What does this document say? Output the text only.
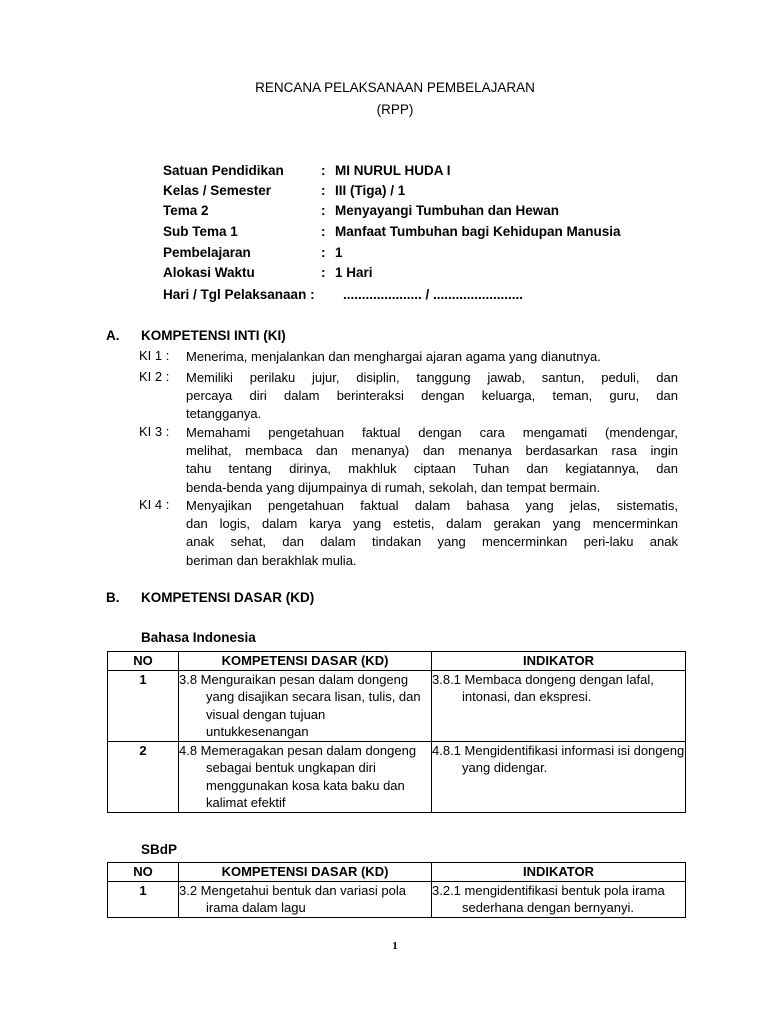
RENCANA PELAKSANAAN PEMBELAJARAN
(RPP)
Satuan Pendidikan	: MI NURUL HUDA I
Kelas / Semester	: III (Tiga) / 1
Tema 2	: Menyayangi Tumbuhan dan Hewan
Sub Tema 1	: Manfaat Tumbuhan bagi Kehidupan Manusia
Pembelajaran	: 1
Alokasi Waktu	: 1 Hari
Hari / Tgl Pelaksanaan : ..................... / ........................
A. KOMPETENSI INTI (KI)
KI 1 : Menerima, menjalankan dan menghargai ajaran agama yang dianutnya.

KI 2 : Memiliki perilaku jujur, disiplin, tanggung jawab, santun, peduli, dan

percaya diri dalam berinteraksi dengan keluarga, teman, guru, dan

tetangganya.

KI 3 : Memahami pengetahuan faktual dengan cara mengamati (mendengar,

melihat, membaca dan menanya) dan menanya berdasarkan rasa ingin

tahu tentang dirinya, makhluk ciptaan Tuhan dan kegiatannya, dan

benda-benda yang dijumpainya di rumah, sekolah, dan tempat bermain.

KI 4 : Menyajikan pengetahuan faktual dalam bahasa yang jelas, sistematis,

dan logis, dalam karya yang estetis, dalam gerakan yang mencerminkan

anak sehat, dan dalam tindakan yang mencerminkan peri-laku anak

beriman dan berakhlak mulia.

B. KOMPETENSI DASAR (KD)
Bahasa Indonesia
NO	KOMPETENSI DASAR (KD)	INDIKATOR
1	3.8 Menguraikan pesan dalam dongeng yang disajikan secara lisan, tulis, dan visual dengan tujuan untukkesenangan	3.8.1 Membaca dongeng dengan lafal, intonasi, dan ekspresi.
2	4.8 Memeragakan pesan dalam dongeng sebagai bentuk ungkapan diri menggunakan kosa kata baku dan kalimat efektif	4.8.1 Mengidentifikasi informasi isi dongeng yang didengar.
SBdP
NO	KOMPETENSI DASAR (KD)	INDIKATOR
1	3.2 Mengetahui bentuk dan variasi pola irama dalam lagu	3.2.1 mengidentifikasi bentuk pola irama sederhana dengan bernyanyi.
1
